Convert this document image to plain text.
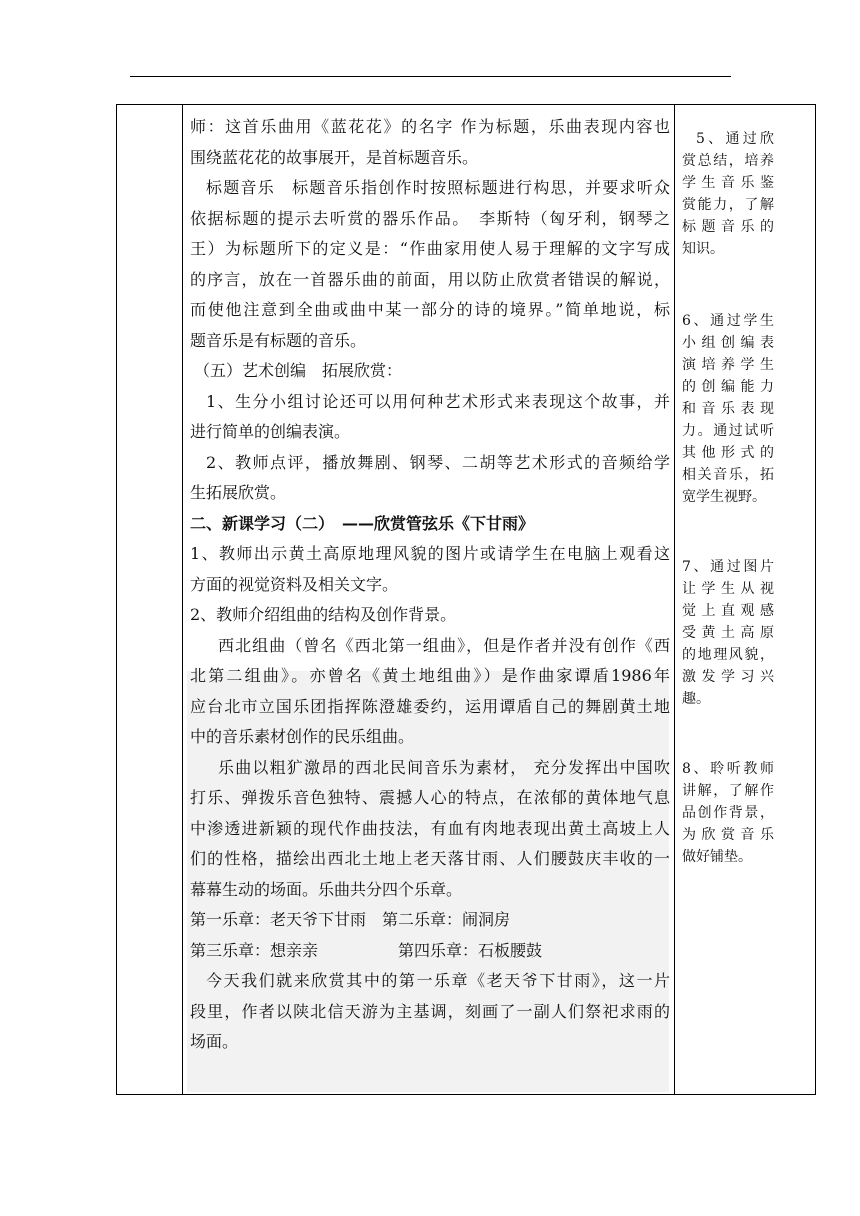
师：这首乐曲用《蓝花花》的名字 作为标题，乐曲表现内容也

围绕蓝花花的故事展开，是首标题音乐。

标题音乐　标题音乐指创作时按照标题进行构思，并要求听众

依据标题的提示去听赏的器乐作品。　李斯特（匈牙利，钢琴之

王）为标题所下的定义是：“作曲家用使人易于理解的文字写成

的序言，放在一首器乐曲的前面，用以防止欣赏者错误的解说，

而使他注意到全曲或曲中某一部分的诗的境界。”简单地说，标

题音乐是有标题的音乐。

（五）艺术创编　拓展欣赏：

1、生分小组讨论还可以用何种艺术形式来表现这个故事，并

进行简单的创编表演。

2、教师点评，播放舞剧、钢琴、二胡等艺术形式的音频给学

生拓展欣赏。

二、新课学习（二）　——欣赏管弦乐《下甘雨》

1、教师出示黄土高原地理风貌的图片或请学生在电脑上观看这

方面的视觉资料及相关文字。

2、教师介绍组曲的结构及创作背景。

西北组曲（曾名《西北第一组曲》，但是作者并没有创作《西

北第二组曲》。亦曾名《黄土地组曲》）是作曲家谭盾1986年

应台北市立国乐团指挥陈澄雄委约，运用谭盾自己的舞剧黄土地

中的音乐素材创作的民乐组曲。

乐曲以粗犷激昂的西北民间音乐为素材， 充分发挥出中国吹

打乐、弹拨乐音色独特、震撼人心的特点，在浓郁的黄体地气息

中渗透进新颖的现代作曲技法，有血有肉地表现出黄土高坡上人

们的性格，描绘出西北土地上老天落甘雨、人们腰鼓庆丰收的一

幕幕生动的场面。乐曲共分四个乐章。

第一乐章：老天爷下甘雨　第二乐章：闹洞房

第三乐章：想亲亲　　　　　第四乐章：石板腰鼓

今天我们就来欣赏其中的第一乐章《老天爷下甘雨》，这一片

段里，作者以陕北信天游为主基调，刻画了一副人们祭祀求雨的

场面。

5、通过欣

赏总结，培养

学生音乐鉴

赏能力，了解

标题音乐的

知识。

6、通过学生

小组创编表

演培养学生

的创编能力

和音乐表现

力。通过试听

其他形式的

相关音乐，拓

宽学生视野。

7、通过图片

让学生从视

觉上直观感

受黄土高原

的地理风貌，

激发学习兴

趣。

8、聆听教师

讲解，了解作

品创作背景，

为欣赏音乐

做好铺垫。
